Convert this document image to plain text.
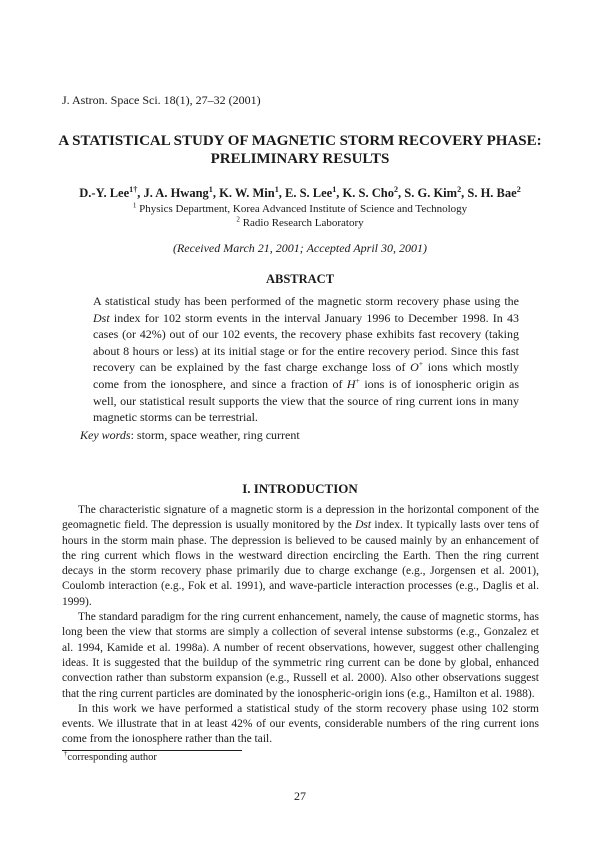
J. Astron. Space Sci. 18(1), 27–32 (2001)
A STATISTICAL STUDY OF MAGNETIC STORM RECOVERY PHASE:
PRELIMINARY RESULTS
D.-Y. Lee$^{1\dagger}$, J. A. Hwang$^1$, K. W. Min$^1$, E. S. Lee$^1$, K. S. Cho$^2$, S. G. Kim$^2$, S. H. Bae$^2$
$^1$ Physics Department, Korea Advanced Institute of Science and Technology
$^2$ Radio Research Laboratory
(Received March 21, 2001; Accepted April 30, 2001)
ABSTRACT

A statistical study has been performed of the magnetic storm recovery phase using the Dst index for 102 storm events in the interval January 1996 to December 1998. In 43 cases (or 42%) out of our 102 events, the recovery phase exhibits fast recovery (taking about 8 hours or less) at its initial stage or for the entire recovery period. Since this fast recovery can be explained by the fast charge exchange loss of O+ ions which mostly come from the ionosphere, and since a fraction of H+ ions is of ionospheric origin as well, our statistical result supports the view that the source of ring current ions in many magnetic storms can be terrestrial.

Key words: storm, space weather, ring current
I. INTRODUCTION

The characteristic signature of a magnetic storm is a depression in the horizontal component of the geomagnetic field. The depression is usually monitored by the Dst index. It typically lasts over tens of hours in the storm main phase. The depression is believed to be caused mainly by an enhancement of the ring current which flows in the westward direction encircling the Earth. Then the ring current decays in the storm recovery phase primarily due to charge exchange (e.g., Jorgensen et al. 2001), Coulomb interaction (e.g., Fok et al. 1991), and wave-particle interaction processes (e.g., Daglis et al. 1999).

The standard paradigm for the ring current enhancement, namely, the cause of magnetic storms, has long been the view that storms are simply a collection of several intense substorms (e.g., Gonzalez et al. 1994, Kamide et al. 1998a). A number of recent observations, however, suggest other challenging ideas. It is suggested that the buildup of the symmetric ring current can be done by global, enhanced convection rather than substorm expansion (e.g., Russell et al. 2000). Also other observations suggest that the ring current particles are dominated by the ionospheric-origin ions (e.g., Hamilton et al. 1988).

In this work we have performed a statistical study of the storm recovery phase using 102 storm events. We illustrate that in at least 42% of our events, considerable numbers of the ring current ions come from the ionosphere rather than the tail.

†corresponding author
27
